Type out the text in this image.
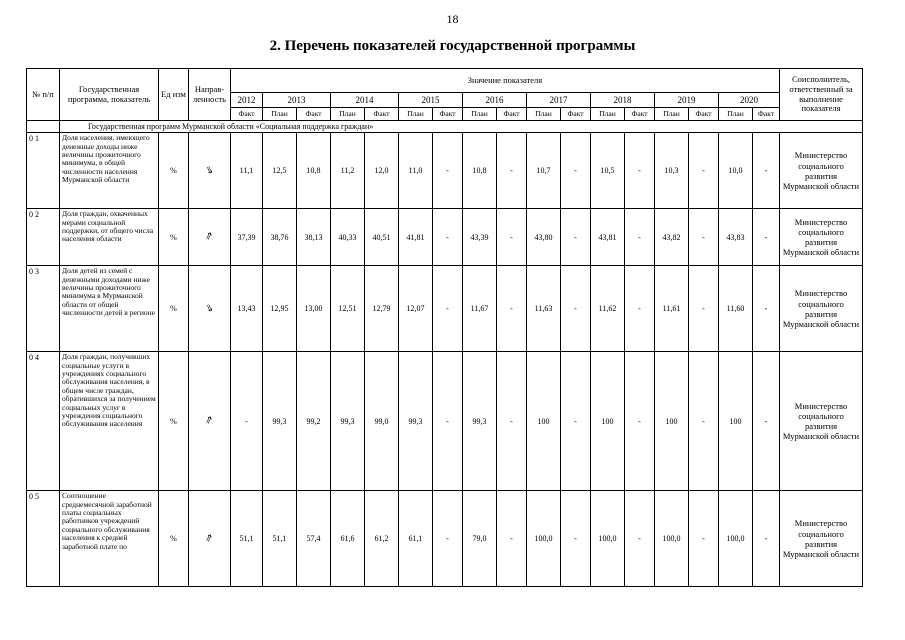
18
2. Перечень показателей государственной программы
№ п/п	Государственная программа, показатель	Ед изм	Направ-ленность	Значение показателя																	Соисполнитель, ответственный за выполнение показателя
				2012	2013		2014		2015		2016		2017		2018		2019		2020		
				Факт	План	Факт	План	Факт	План	Факт	План	Факт	План	Факт	План	Факт	План	Факт	План	Факт	
	Государственная программ Мурманской области «Социальная поддержка граждан»																				
0 1	Доля населения, имеющего денежные доходы ниже величины прожиточного минимума, в общей численности населения Мурманской области	%	⇘	11,1	12,5	10,8	11,2	12,0	11,0	-	10,8	-	10,7	-	10,5	-	10,3	-	10,0	-	Министерство социального развития Мурманской области
0 2	Доля граждан, охваченных мерами социальной поддержки, от общего числа населения области	%	⇗	37,39	38,76	38,13	40,33	40,51	41,81	-	43,39	-	43,80	-	43,81	-	43,82	-	43,83	-	Министерство социального развития Мурманской области
0 3	Доля детей из семей с денежными доходами ниже величины прожиточного минимума в Мурманской области от общей численности детей в регионе	%	⇘	13,43	12,95	13,00	12,51	12,79	12,07	-	11,67	-	11,63	-	11,62	-	11,61	-	11,60	-	Министерство социального развития Мурманской области
0 4	Доля граждан, получивших социальные услуги в учреждениях социального обслуживания населения, в общем числе граждан, обратившихся за получением социальных услуг в учреждения социального обслуживания населения	%	⇗	-	99,3	99,2	99,3	99,0	99,3	-	99,3	-	100	-	100	-	100	-	100	-	Министерство социального развития Мурманской области
0 5	Соотношение среднемесячной заработной платы социальных работников учреждений социального обслуживания населения к средней заработной плате по	%	⇗	51,1	51,1	57,4	61,6	61,2	61,1	-	79,0	-	100,0	-	100,0	-	100,0	-	100,0	-	Министерство социального развития Мурманской области
